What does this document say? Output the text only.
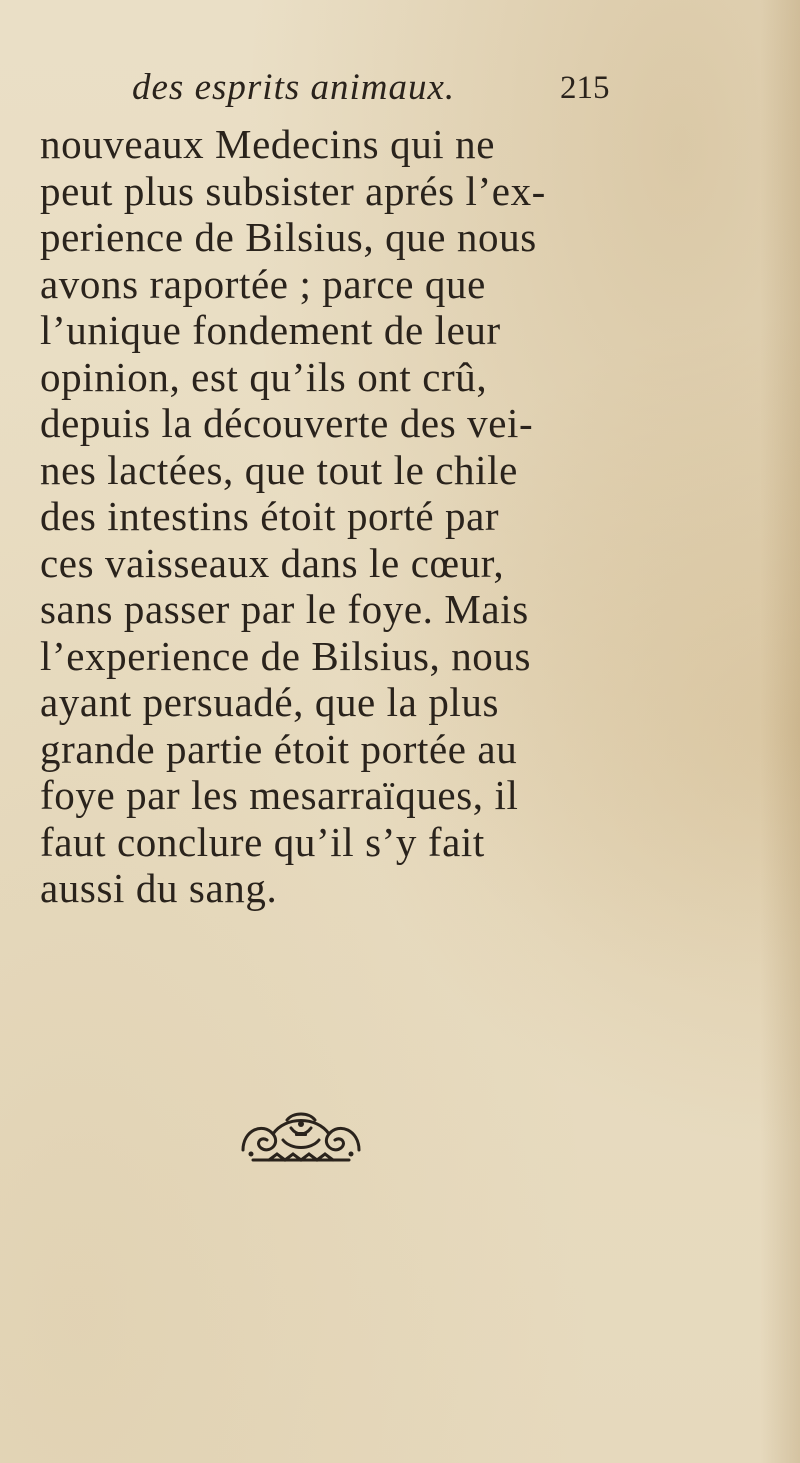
des esprits animaux.	215
nouveaux Medecins qui ne
peut plus subsister aprés l’ex-
perience de Bilsius, que nous
avons raportée ; parce que
l’unique fondement de leur
opinion, est qu’ils ont crû,
depuis la découverte des vei-
nes lactées, que tout le chile
des intestins étoit porté par
ces vaisseaux dans le cœur,
sans passer par le foye. Mais
l’experience de Bilsius, nous
ayant persuadé, que la plus
grande partie étoit portée au
foye par les mesarraïques, il
faut conclure qu’il s’y fait
aussi du sang.
